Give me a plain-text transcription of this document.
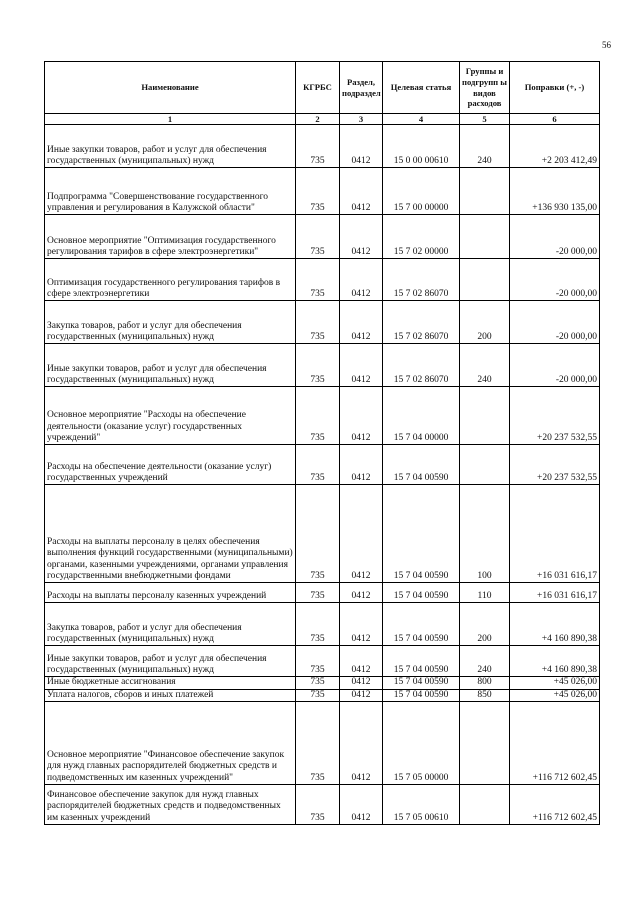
56
Наименование	КГРБС	Раздел, подраздел	Целевая статья	Группы и подгрупп ы видов расходов	Поправки (+, -)
1	2	3	4	5	6
Иные закупки товаров, работ и услуг для обеспечения государственных (муниципальных) нужд	735	0412	15 0 00 00610	240	+2 203 412,49
Подпрограмма "Совершенствование государственного управления и регулирования в Калужской области"	735	0412	15 7 00 00000		+136 930 135,00
Основное мероприятие "Оптимизация государственного регулирования тарифов в сфере электроэнергетики"	735	0412	15 7 02 00000		-20 000,00
Оптимизация государственного регулирования тарифов в сфере электроэнергетики	735	0412	15 7 02 86070		-20 000,00
Закупка товаров, работ и услуг для обеспечения государственных (муниципальных) нужд	735	0412	15 7 02 86070	200	-20 000,00
Иные закупки товаров, работ и услуг для обеспечения государственных (муниципальных) нужд	735	0412	15 7 02 86070	240	-20 000,00
Основное мероприятие "Расходы на обеспечение деятельности (оказание услуг) государственных учреждений"	735	0412	15 7 04 00000		+20 237 532,55
Расходы на обеспечение деятельности (оказание услуг) государственных учреждений	735	0412	15 7 04 00590		+20 237 532,55
Расходы на выплаты персоналу в целях обеспечения выполнения функций государственными (муниципальными) органами, казенными учреждениями, органами управления государственными внебюджетными фондами	735	0412	15 7 04 00590	100	+16 031 616,17
Расходы на выплаты персоналу казенных учреждений	735	0412	15 7 04 00590	110	+16 031 616,17
Закупка товаров, работ и услуг для обеспечения государственных (муниципальных) нужд	735	0412	15 7 04 00590	200	+4 160 890,38
Иные закупки товаров, работ и услуг для обеспечения государственных (муниципальных) нужд	735	0412	15 7 04 00590	240	+4 160 890,38
Иные бюджетные ассигнования	735	0412	15 7 04 00590	800	+45 026,00
Уплата налогов, сборов и иных платежей	735	0412	15 7 04 00590	850	+45 026,00
Основное мероприятие "Финансовое обеспечение закупок для нужд главных распорядителей бюджетных средств и подведомственных им казенных учреждений"	735	0412	15 7 05 00000		+116 712 602,45
Финансовое обеспечение закупок для нужд главных распорядителей бюджетных средств и подведомственных им казенных учреждений	735	0412	15 7 05 00610		+116 712 602,45
